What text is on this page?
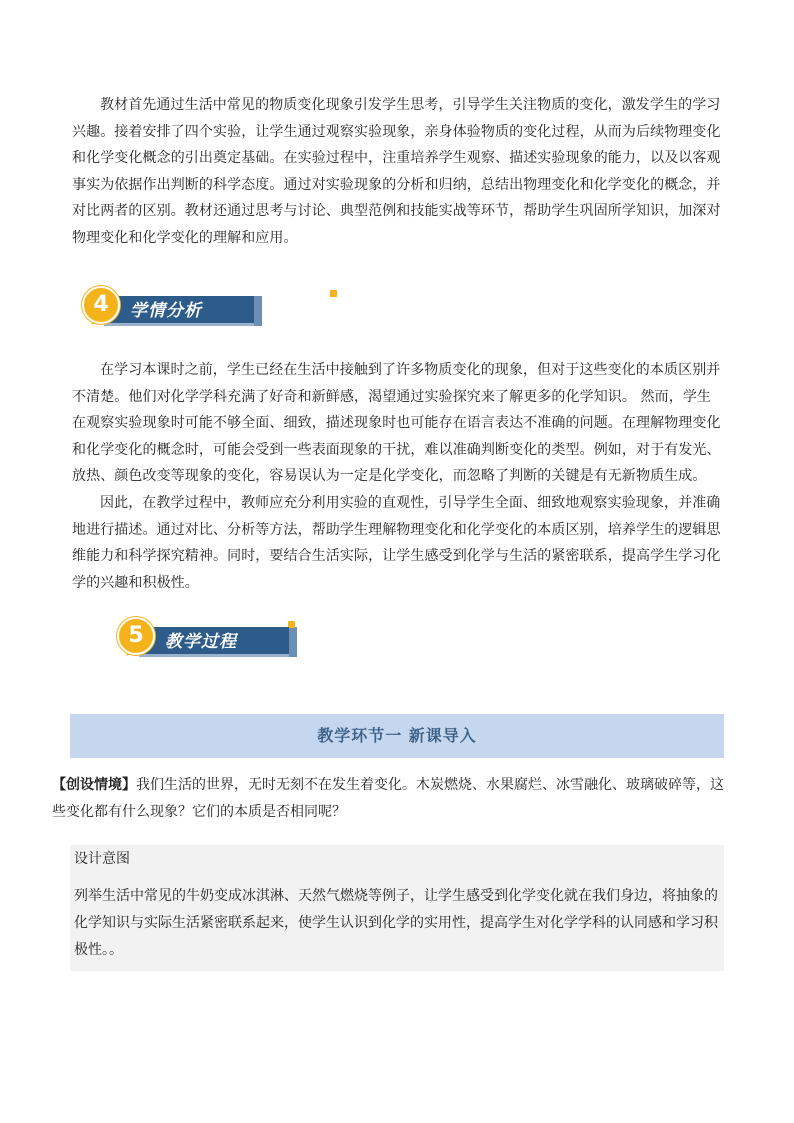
教材首先通过生活中常见的物质变化现象引发学生思考，引导学生关注物质的变化，激发学生的学习兴趣。接着安排了四个实验，让学生通过观察实验现象，亲身体验物质的变化过程，从而为后续物理变化和化学变化概念的引出奠定基础。在实验过程中，注重培养学生观察、描述实验现象的能力，以及以客观事实为依据作出判断的科学态度。通过对实验现象的分析和归纳，总结出物理变化和化学变化的概念，并对比两者的区别。教材还通过思考与讨论、典型范例和技能实战等环节，帮助学生巩固所学知识，加深对物理变化和化学变化的理解和应用。

4	学情分析

在学习本课时之前，学生已经在生活中接触到了许多物质变化的现象，但对于这些变化的本质区别并不清楚。他们对化学学科充满了好奇和新鲜感，渴望通过实验探究来了解更多的化学知识。 然而，学生在观察实验现象时可能不够全面、细致，描述现象时也可能存在语言表达不准确的问题。在理解物理变化和化学变化的概念时，可能会受到一些表面现象的干扰，难以准确判断变化的类型。例如，对于有发光、放热、颜色改变等现象的变化，容易误认为一定是化学变化，而忽略了判断的关键是有无新物质生成。

因此，在教学过程中，教师应充分利用实验的直观性，引导学生全面、细致地观察实验现象，并准确地进行描述。通过对比、分析等方法，帮助学生理解物理变化和化学变化的本质区别，培养学生的逻辑思维能力和科学探究精神。同时，要结合生活实际，让学生感受到化学与生活的紧密联系，提高学生学习化学的兴趣和积极性。

5	教学过程
教学环节一 新课导入

【创设情境】我们生活的世界，无时无刻不在发生着变化。木炭燃烧、水果腐烂、冰雪融化、玻璃破碎等，这些变化都有什么现象？它们的本质是否相同呢？

设计意图

列举生活中常见的牛奶变成冰淇淋、天然气燃烧等例子，让学生感受到化学变化就在我们身边，将抽象的化学知识与实际生活紧密联系起来，使学生认识到化学的实用性，提高学生对化学学科的认同感和学习积极性。。
